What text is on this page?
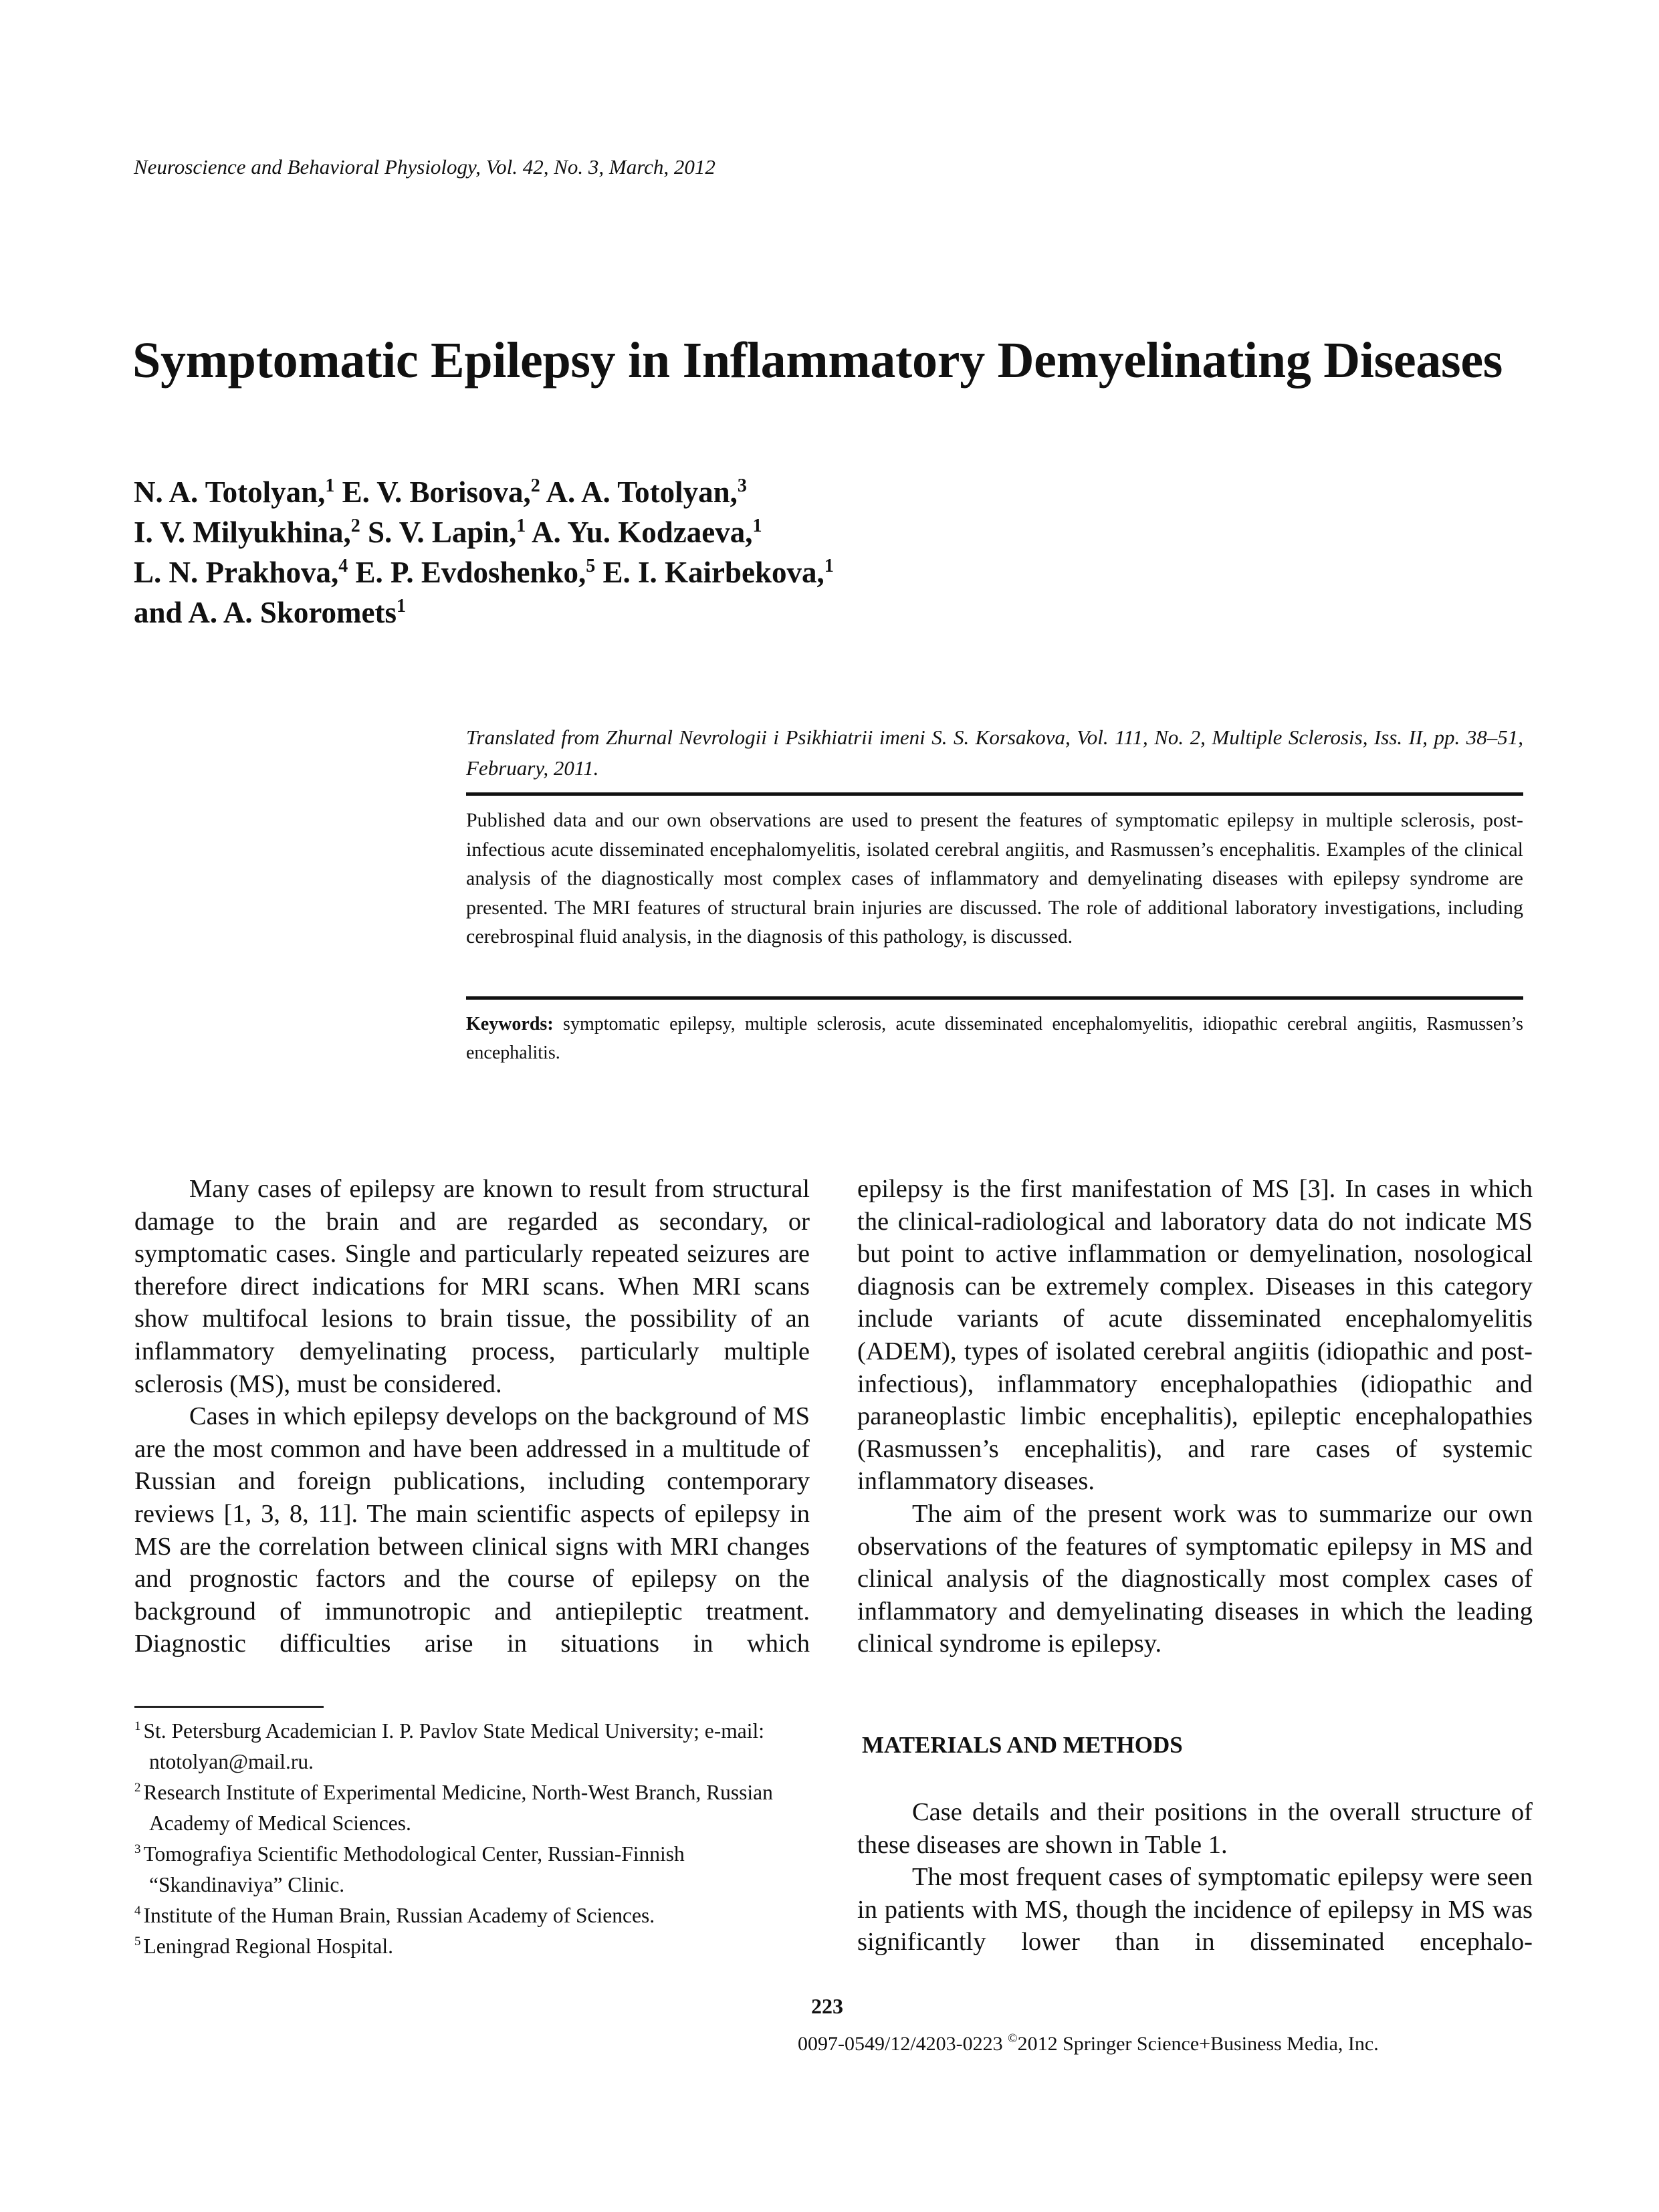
Neuroscience and Behavioral Physiology, Vol. 42, No. 3, March, 2012
Symptomatic Epilepsy in Inflammatory Demyelinating Diseases
N. A. Totolyan,$^1$ E. V. Borisova,$^2$ A. A. Totolyan,$^3$
I. V. Milyukhina,$^2$ S. V. Lapin,$^1$ A. Yu. Kodzaeva,$^1$
L. N. Prakhova,$^4$ E. P. Evdoshenko,$^5$ E. I. Kairbekova,$^1$
and A. A. Skoromets$^1$
Translated from Zhurnal Nevrologii i Psikhiatrii imeni S. S. Korsakova, Vol. 111, No. 2, Multiple Sclerosis, Iss. II, pp. 38–51, February, 2011.
Published data and our own observations are used to present the features of symptomatic epilepsy in multiple sclerosis, post-infectious acute disseminated encephalomyelitis, isolated cerebral angiitis, and Rasmussen’s encephalitis. Examples of the clinical analysis of the diagnostically most complex cases of inflammatory and demyelinating diseases with epilepsy syndrome are presented. The MRI features of structural brain injuries are discussed. The role of additional laboratory investigations, including cerebrospinal fluid analysis, in the diagnosis of this pathology, is discussed.
Keywords: symptomatic epilepsy, multiple sclerosis, acute disseminated encephalomyelitis, idiopathic cerebral angiitis, Rasmussen’s encephalitis.

Many cases of epilepsy are known to result from structural damage to the brain and are regarded as secondary, or symptomatic cases. Single and particularly repeated seizures are therefore direct indications for MRI scans. When MRI scans show multifocal lesions to brain tissue, the possibility of an inflammatory demyelinating process, particularly multiple sclerosis (MS), must be considered.

Cases in which epilepsy develops on the background of MS are the most common and have been addressed in a multitude of Russian and foreign publications, including contemporary reviews [1, 3, 8, 11]. The main scientific aspects of epilepsy in MS are the correlation between clinical signs with MRI changes and prognostic factors and the course of epilepsy on the background of immunotropic and antiepileptic treatment. Diagnostic difficulties arise in situations in which

epilepsy is the first manifestation of MS [3]. In cases in which the clinical-radiological and laboratory data do not indicate MS but point to active inflammation or demyelination, nosological diagnosis can be extremely complex. Diseases in this category include variants of acute disseminated encephalomyelitis (ADEM), types of isolated cerebral angiitis (idiopathic and post-infectious), inflammatory encephalopathies (idiopathic and paraneoplastic limbic encephalitis), epileptic encephalopathies (Rasmussen’s encephalitis), and rare cases of systemic inflammatory diseases.

The aim of the present work was to summarize our own observations of the features of symptomatic epilepsy in MS and clinical analysis of the diagnostically most complex cases of inflammatory and demyelinating diseases in which the leading clinical syndrome is epilepsy.

MATERIALS AND METHODS

Case details and their positions in the overall structure of these diseases are shown in Table 1.

The most frequent cases of symptomatic epilepsy were seen in patients with MS, though the incidence of epilepsy in MS was significantly lower than in disseminated encephalo-

$^1$ St. Petersburg Academician I. P. Pavlov State Medical University; e-mail: ntotolyan@mail.ru.
$^2$ Research Institute of Experimental Medicine, North-West Branch, Russian Academy of Medical Sciences.
$^3$ Tomografiya Scientific Methodological Center, Russian-Finnish “Skandinaviya” Clinic.
$^4$ Institute of the Human Brain, Russian Academy of Sciences.
$^5$ Leningrad Regional Hospital.
223
0097-0549/12/4203-0223 ©2012 Springer Science+Business Media, Inc.
